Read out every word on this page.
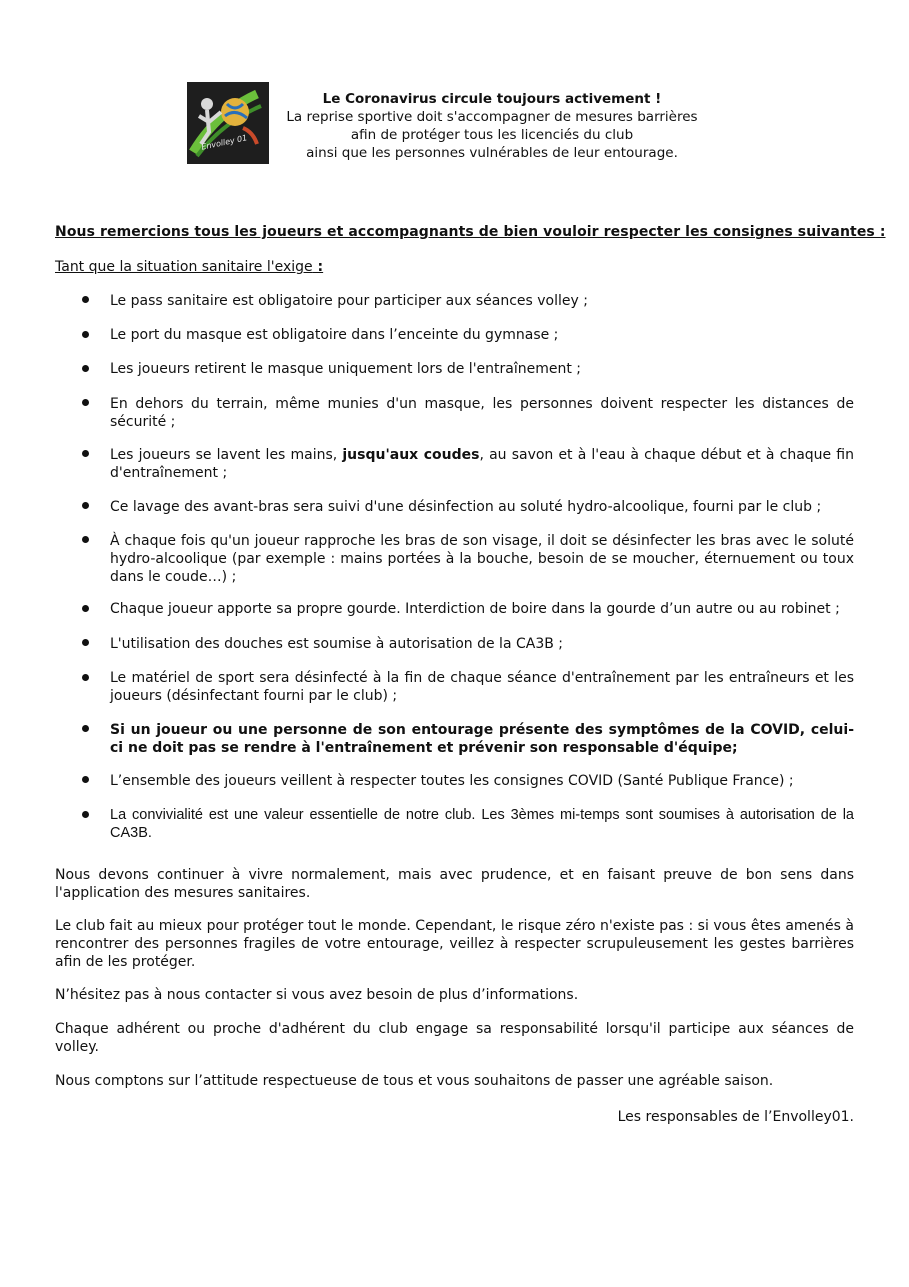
Envolley 01
Le Coronavirus circule toujours activement !
La reprise sportive doit s'accompagner de mesures barrières
afin de protéger tous les licenciés du club
ainsi que les personnes vulnérables de leur entourage.
Nous remercions tous les joueurs et accompagnants de bien vouloir respecter les consignes suivantes :
Tant que la situation sanitaire l'exige :
Le pass sanitaire est obligatoire pour participer aux séances volley ;
Le port du masque est obligatoire dans l’enceinte du gymnase ;
Les joueurs retirent le masque uniquement lors de l'entraînement ;
En dehors du terrain, même munies d'un masque, les personnes doivent respecter les distances de sécurité ;
Les joueurs se lavent les mains, jusqu'aux coudes, au savon et à l'eau à chaque début et à chaque fin d'entraînement ;
Ce lavage des avant-bras sera suivi d'une désinfection au soluté hydro-alcoolique, fourni par le club ;
À chaque fois qu'un joueur rapproche les bras de son visage, il doit se désinfecter les bras avec le soluté hydro-alcoolique (par exemple : mains portées à la bouche, besoin de se moucher, éternuement ou toux dans le coude…) ;
Chaque joueur apporte sa propre gourde. Interdiction de boire dans la gourde d’un autre ou au robinet ;
L'utilisation des douches est soumise à autorisation de la CA3B ;
Le matériel de sport sera désinfecté à la fin de chaque séance d'entraînement par les entraîneurs et les joueurs (désinfectant fourni par le club) ;
Si un joueur ou une personne de son entourage présente des symptômes de la COVID, celui-ci ne doit pas se rendre à l'entraînement et prévenir son responsable d'équipe;
L’ensemble des joueurs veillent à respecter toutes les consignes COVID (Santé Publique France) ;
La convivialité est une valeur essentielle de notre club. Les 3èmes mi-temps sont soumises à autorisation de la CA3B.
Nous devons continuer à vivre normalement, mais avec prudence, et en faisant preuve de bon sens dans l'application des mesures sanitaires.
Le club fait au mieux pour protéger tout le monde. Cependant, le risque zéro n'existe pas : si vous êtes amenés à rencontrer des personnes fragiles de votre entourage, veillez à respecter scrupuleusement les gestes barrières afin de les protéger.
N’hésitez pas à nous contacter si vous avez besoin de plus d’informations.
Chaque adhérent ou proche d'adhérent du club engage sa responsabilité lorsqu'il participe aux séances de volley.
Nous comptons sur l’attitude respectueuse de tous et vous souhaitons de passer une agréable saison.
Les responsables de l’Envolley01.
